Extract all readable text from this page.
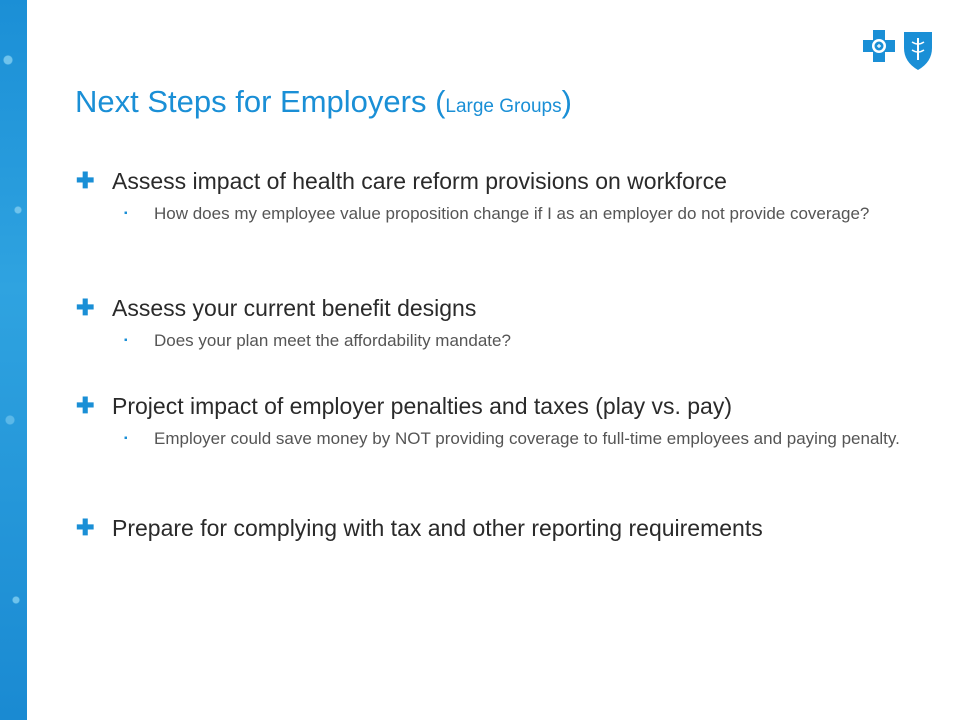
Next Steps for Employers (Large Groups)
✚ Assess impact of health care reform provisions on workforce
▪ How does my employee value proposition change if I as an employer do not provide coverage?
✚ Assess your current benefit designs
▪ Does your plan meet the affordability mandate?
✚ Project impact of employer penalties and taxes (play vs. pay)
▪ Employer could save money by NOT providing coverage to full-time employees and paying penalty.
✚ Prepare for complying with tax and other reporting requirements
